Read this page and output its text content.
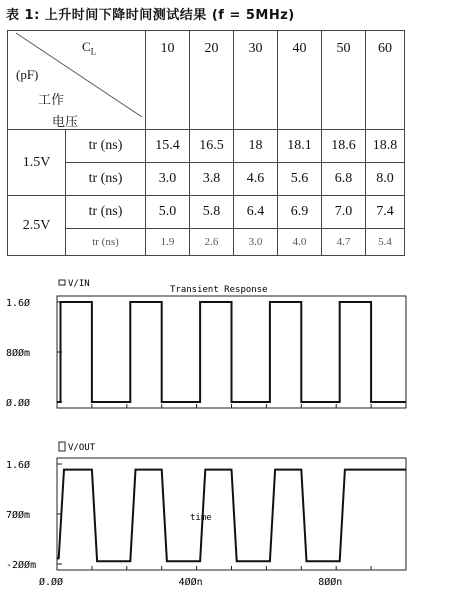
表 1: 上升时间下降时间测试结果 (f = 5MHz)
$C_L$
(pF)
工作
电压		10	20	30	40	50	60
1.5V	tr (ns)	15.4	16.5	18	18.1	18.6	18.8
	tr (ns)	3.0	3.8	4.6	5.6	6.8	8.0
2.5V	tr (ns)	5.0	5.8	6.4	6.9	7.0	7.4
	tr (ns)	1.9	2.6	3.0	4.0	4.7	5.4
1.6Ø
8ØØm
Ø.ØØ
Transient Response
V/IN
1.6Ø
7ØØm
-2ØØm
Ø.ØØ	4ØØn	8ØØn
V/OUT
time
